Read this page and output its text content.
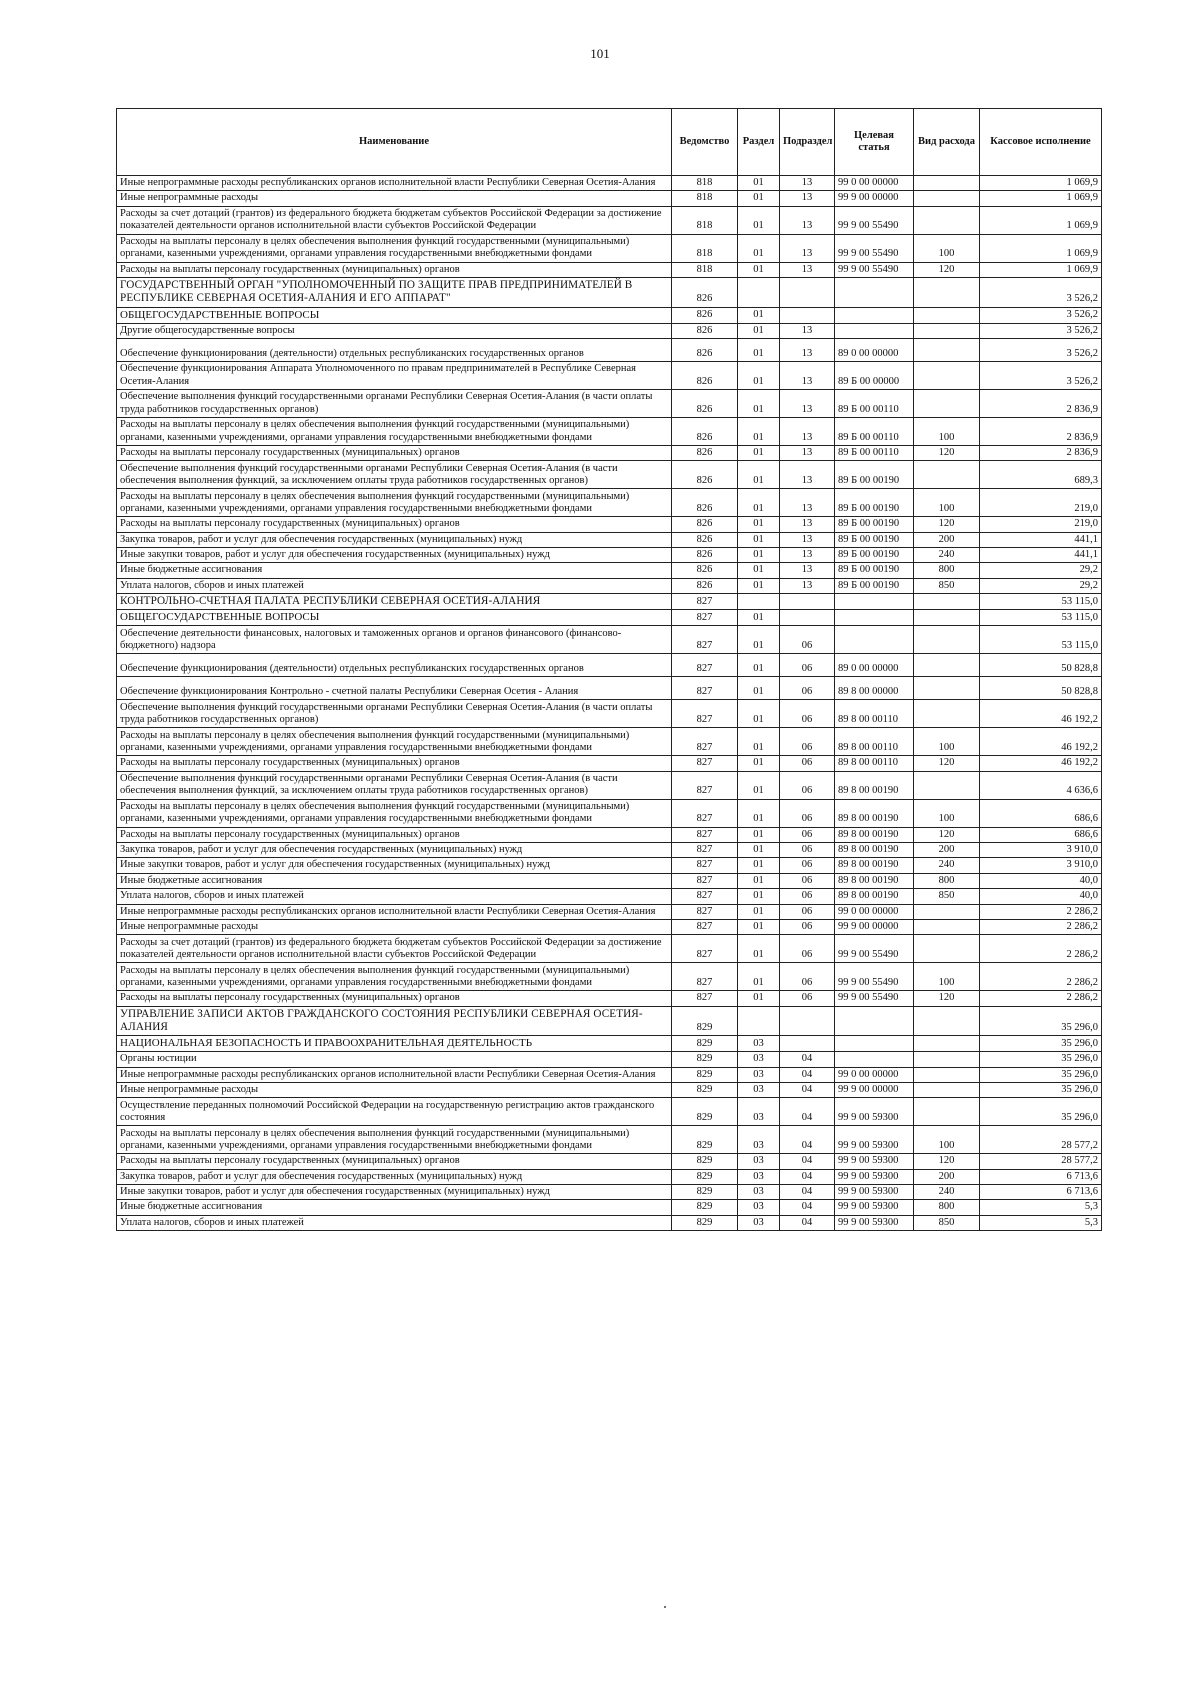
101
Наименование	Ведомство	Раздел	Подраздел	Целевая статья	Вид расхода	Кассовое исполнение
Иные непрограммные расходы республиканских органов исполнительной власти Республики Северная Осетия-Алания	818	01	13	99 0 00 00000		1 069,9
Иные непрограммные расходы	818	01	13	99 9 00 00000		1 069,9
Расходы за счет дотаций (грантов) из федерального бюджета бюджетам субъектов Российской Федерации за достижение показателей деятельности органов исполнительной власти субъектов Российской Федерации	818	01	13	99 9 00 55490		1 069,9
Расходы на выплаты персоналу в целях обеспечения выполнения функций государственными (муниципальными) органами, казенными учреждениями, органами управления государственными внебюджетными фондами	818	01	13	99 9 00 55490	100	1 069,9
Расходы на выплаты персоналу государственных (муниципальных) органов	818	01	13	99 9 00 55490	120	1 069,9
ГОСУДАРСТВЕННЫЙ ОРГАН "УПОЛНОМОЧЕННЫЙ ПО ЗАЩИТЕ ПРАВ ПРЕДПРИНИМАТЕЛЕЙ В РЕСПУБЛИКЕ СЕВЕРНАЯ ОСЕТИЯ-АЛАНИЯ И ЕГО АППАРАТ"	826					3 526,2
ОБЩЕГОСУДАРСТВЕННЫЕ ВОПРОСЫ	826	01				3 526,2
Другие общегосударственные вопросы	826	01	13			3 526,2
Обеспечение функционирования (деятельности) отдельных республиканских государственных органов	826	01	13	89 0 00 00000		3 526,2
Обеспечение функционирования Аппарата Уполномоченного по правам предпринимателей в Республике Северная Осетия-Алания	826	01	13	89 Б 00 00000		3 526,2
Обеспечение выполнения функций государственными органами Республики Северная Осетия-Алания (в части оплаты труда работников государственных органов)	826	01	13	89 Б 00 00110		2 836,9
Расходы на выплаты персоналу в целях обеспечения выполнения функций государственными (муниципальными) органами, казенными учреждениями, органами управления государственными внебюджетными фондами	826	01	13	89 Б 00 00110	100	2 836,9
Расходы на выплаты персоналу государственных (муниципальных) органов	826	01	13	89 Б 00 00110	120	2 836,9
Обеспечение выполнения функций государственными органами Республики Северная Осетия-Алания (в части обеспечения выполнения функций, за исключением оплаты труда работников государственных органов)	826	01	13	89 Б 00 00190		689,3
Расходы на выплаты персоналу в целях обеспечения выполнения функций государственными (муниципальными) органами, казенными учреждениями, органами управления государственными внебюджетными фондами	826	01	13	89 Б 00 00190	100	219,0
Расходы на выплаты персоналу государственных (муниципальных) органов	826	01	13	89 Б 00 00190	120	219,0
Закупка товаров, работ и услуг для обеспечения государственных (муниципальных) нужд	826	01	13	89 Б 00 00190	200	441,1
Иные закупки товаров, работ и услуг для обеспечения государственных (муниципальных) нужд	826	01	13	89 Б 00 00190	240	441,1
Иные бюджетные ассигнования	826	01	13	89 Б 00 00190	800	29,2
Уплата налогов, сборов и иных платежей	826	01	13	89 Б 00 00190	850	29,2
КОНТРОЛЬНО-СЧЕТНАЯ ПАЛАТА РЕСПУБЛИКИ СЕВЕРНАЯ ОСЕТИЯ-АЛАНИЯ	827					53 115,0
ОБЩЕГОСУДАРСТВЕННЫЕ ВОПРОСЫ	827	01				53 115,0
Обеспечение деятельности финансовых, налоговых и таможенных органов и органов финансового (финансово-бюджетного) надзора	827	01	06			53 115,0
Обеспечение функционирования (деятельности) отдельных республиканских государственных органов	827	01	06	89 0 00 00000		50 828,8
Обеспечение функционирования Контрольно - счетной палаты Республики Северная Осетия - Алания	827	01	06	89 8 00 00000		50 828,8
Обеспечение выполнения функций государственными органами Республики Северная Осетия-Алания (в части оплаты труда работников государственных органов)	827	01	06	89 8 00 00110		46 192,2
Расходы на выплаты персоналу в целях обеспечения выполнения функций государственными (муниципальными) органами, казенными учреждениями, органами управления государственными внебюджетными фондами	827	01	06	89 8 00 00110	100	46 192,2
Расходы на выплаты персоналу государственных (муниципальных) органов	827	01	06	89 8 00 00110	120	46 192,2
Обеспечение выполнения функций государственными органами Республики Северная Осетия-Алания (в части обеспечения выполнения функций, за исключением оплаты труда работников государственных органов)	827	01	06	89 8 00 00190		4 636,6
Расходы на выплаты персоналу в целях обеспечения выполнения функций государственными (муниципальными) органами, казенными учреждениями, органами управления государственными внебюджетными фондами	827	01	06	89 8 00 00190	100	686,6
Расходы на выплаты персоналу государственных (муниципальных) органов	827	01	06	89 8 00 00190	120	686,6
Закупка товаров, работ и услуг для обеспечения государственных (муниципальных) нужд	827	01	06	89 8 00 00190	200	3 910,0
Иные закупки товаров, работ и услуг для обеспечения государственных (муниципальных) нужд	827	01	06	89 8 00 00190	240	3 910,0
Иные бюджетные ассигнования	827	01	06	89 8 00 00190	800	40,0
Уплата налогов, сборов и иных платежей	827	01	06	89 8 00 00190	850	40,0
Иные непрограммные расходы республиканских органов исполнительной власти Республики Северная Осетия-Алания	827	01	06	99 0 00 00000		2 286,2
Иные непрограммные расходы	827	01	06	99 9 00 00000		2 286,2
Расходы за счет дотаций (грантов) из федерального бюджета бюджетам субъектов Российской Федерации за достижение показателей деятельности органов исполнительной власти субъектов Российской Федерации	827	01	06	99 9 00 55490		2 286,2
Расходы на выплаты персоналу в целях обеспечения выполнения функций государственными (муниципальными) органами, казенными учреждениями, органами управления государственными внебюджетными фондами	827	01	06	99 9 00 55490	100	2 286,2
Расходы на выплаты персоналу государственных (муниципальных) органов	827	01	06	99 9 00 55490	120	2 286,2
УПРАВЛЕНИЕ ЗАПИСИ АКТОВ ГРАЖДАНСКОГО СОСТОЯНИЯ РЕСПУБЛИКИ СЕВЕРНАЯ ОСЕТИЯ-АЛАНИЯ	829					35 296,0
НАЦИОНАЛЬНАЯ БЕЗОПАСНОСТЬ И ПРАВООХРАНИТЕЛЬНАЯ ДЕЯТЕЛЬНОСТЬ	829	03				35 296,0
Органы юстиции	829	03	04			35 296,0
Иные непрограммные расходы республиканских органов исполнительной власти Республики Северная Осетия-Алания	829	03	04	99 0 00 00000		35 296,0
Иные непрограммные расходы	829	03	04	99 9 00 00000		35 296,0
Осуществление переданных полномочий Российской Федерации на государственную регистрацию актов гражданского состояния	829	03	04	99 9 00 59300		35 296,0
Расходы на выплаты персоналу в целях обеспечения выполнения функций государственными (муниципальными) органами, казенными учреждениями, органами управления государственными внебюджетными фондами	829	03	04	99 9 00 59300	100	28 577,2
Расходы на выплаты персоналу государственных (муниципальных) органов	829	03	04	99 9 00 59300	120	28 577,2
Закупка товаров, работ и услуг для обеспечения государственных (муниципальных) нужд	829	03	04	99 9 00 59300	200	6 713,6
Иные закупки товаров, работ и услуг для обеспечения государственных (муниципальных) нужд	829	03	04	99 9 00 59300	240	6 713,6
Иные бюджетные ассигнования	829	03	04	99 9 00 59300	800	5,3
Уплата налогов, сборов и иных платежей	829	03	04	99 9 00 59300	850	5,3
